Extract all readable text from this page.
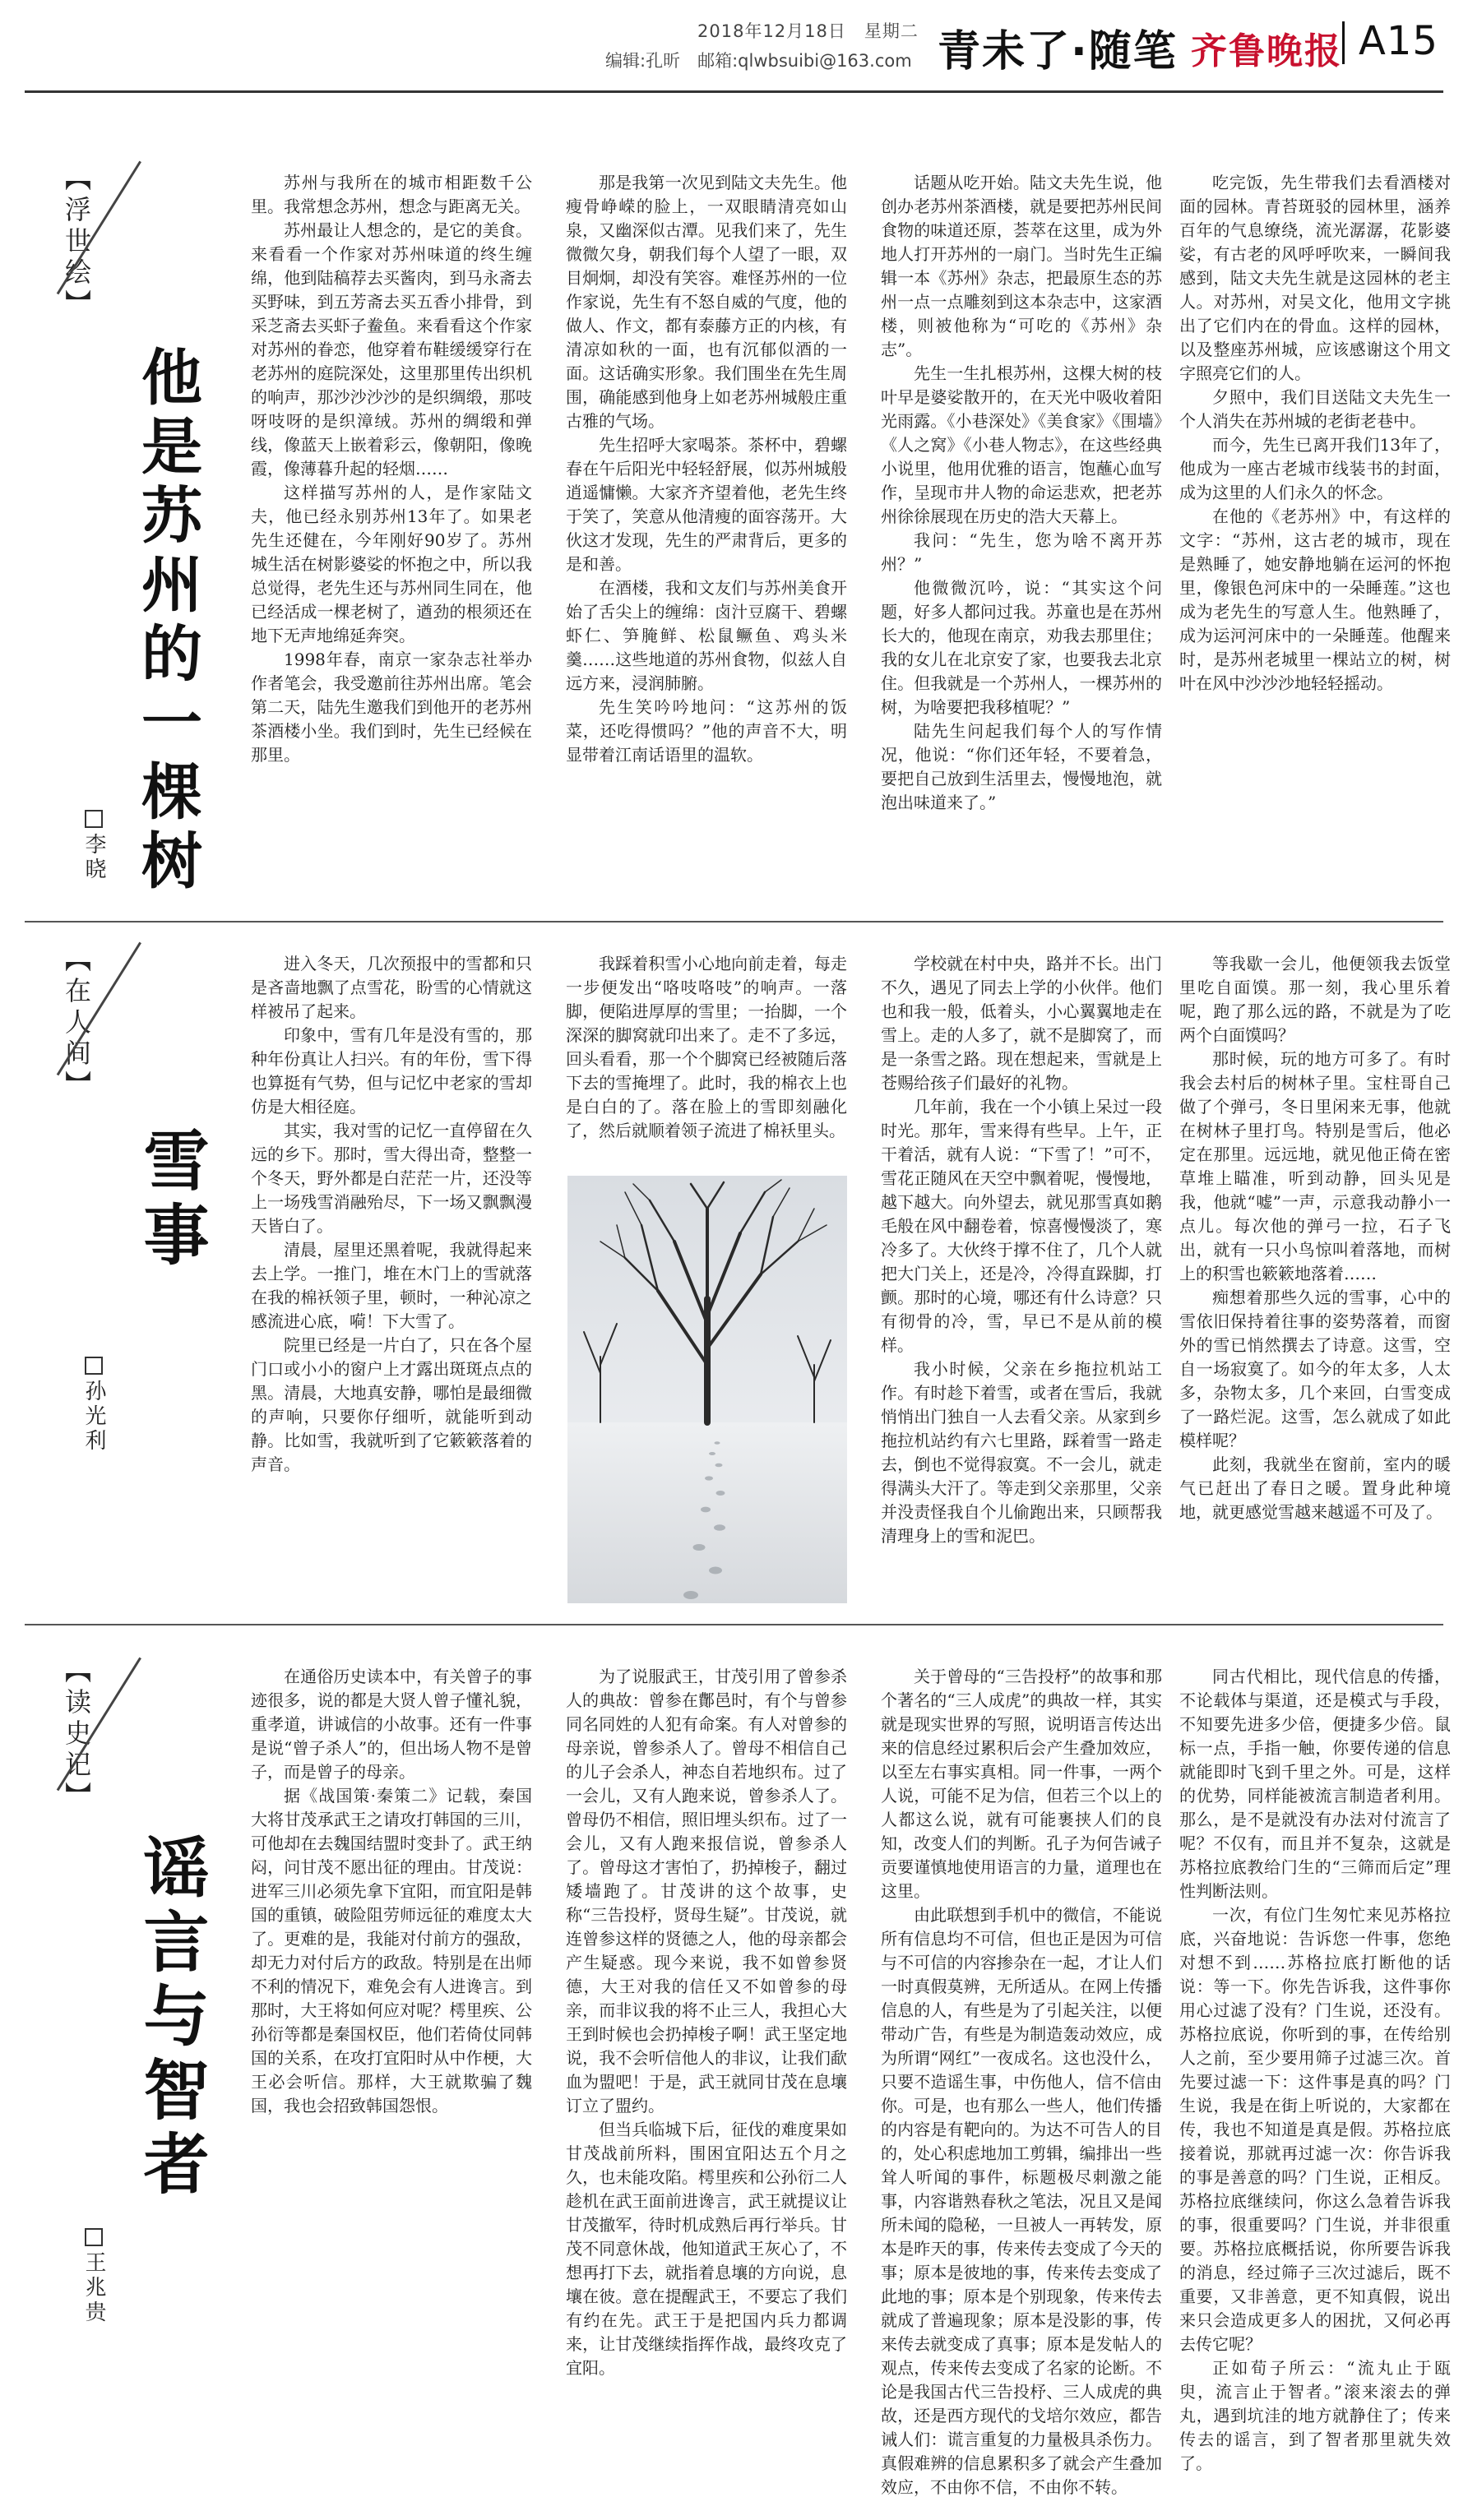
2018年12月18日　星期二
编辑:孔昕　邮箱:qlwbsuibi@163.com 青未了·随笔 齐鲁晚报 A15
【浮世绘】
他是苏州的一棵树
李晓

苏州与我所在的城市相距数千公里。我常想念苏州，想念与距离无关。

苏州最让人想念的，是它的美食。来看看一个作家对苏州味道的终生缠绵，他到陆稿荐去买酱肉，到马永斋去买野味，到五芳斋去买五香小排骨，到采芝斋去买虾子鲞鱼。来看看这个作家对苏州的眷恋，他穿着布鞋缓缓穿行在老苏州的庭院深处，这里那里传出织机的响声，那沙沙沙沙的是织绸缎，那吱呀吱呀的是织漳绒。苏州的绸缎和弹线，像蓝天上嵌着彩云，像朝阳，像晚霞，像薄暮升起的轻烟……

这样描写苏州的人，是作家陆文夫，他已经永别苏州13年了。如果老先生还健在，今年刚好90岁了。苏州城生活在树影婆娑的怀抱之中，所以我总觉得，老先生还与苏州同生同在，他已经活成一棵老树了，遒劲的根须还在地下无声地绵延奔突。

1998年春，南京一家杂志社举办作者笔会，我受邀前往苏州出席。笔会第二天，陆先生邀我们到他开的老苏州茶酒楼小坐。我们到时，先生已经候在那里。

那是我第一次见到陆文夫先生。他瘦骨峥嵘的脸上，一双眼睛清亮如山泉，又幽深似古潭。见我们来了，先生微微欠身，朝我们每个人望了一眼，双目炯炯，却没有笑容。难怪苏州的一位作家说，先生有不怒自威的气度，他的做人、作文，都有泰藤方正的内核，有清凉如秋的一面，也有沉郁似酒的一面。这话确实形象。我们围坐在先生周围，确能感到他身上如老苏州城般庄重古雅的气场。

先生招呼大家喝茶。茶杯中，碧螺春在午后阳光中轻轻舒展，似苏州城般逍遥慵懒。大家齐齐望着他，老先生终于笑了，笑意从他清瘦的面容荡开。大伙这才发现，先生的严肃背后，更多的是和善。

在酒楼，我和文友们与苏州美食开始了舌尖上的缠绵：卤汁豆腐干、碧螺虾仁、笋腌鲜、松鼠鳜鱼、鸡头米羹……这些地道的苏州食物，似兹人自远方来，浸润肺腑。

先生笑吟吟地问：“这苏州的饭菜，还吃得惯吗？”他的声音不大，明显带着江南话语里的温软。

话题从吃开始。陆文夫先生说，他创办老苏州茶酒楼，就是要把苏州民间食物的味道还原，荟萃在这里，成为外地人打开苏州的一扇门。当时先生正编辑一本《苏州》杂志，把最原生态的苏州一点一点雕刻到这本杂志中，这家酒楼，则被他称为“可吃的《苏州》杂志”。

先生一生扎根苏州，这棵大树的枝叶早是婆娑散开的，在天光中吸收着阳光雨露。《小巷深处》《美食家》《围墙》《人之窝》《小巷人物志》，在这些经典小说里，他用优雅的语言，饱蘸心血写作，呈现市井人物的命运悲欢，把老苏州徐徐展现在历史的浩大天幕上。

我问：“先生，您为啥不离开苏州？”

他微微沉吟，说：“其实这个问题，好多人都问过我。苏童也是在苏州长大的，他现在南京，劝我去那里住；我的女儿在北京安了家，也要我去北京住。但我就是一个苏州人，一棵苏州的树，为啥要把我移植呢？”

陆先生问起我们每个人的写作情况，他说：“你们还年轻，不要着急，要把自己放到生活里去，慢慢地泡，就泡出味道来了。”

吃完饭，先生带我们去看酒楼对面的园林。青苔斑驳的园林里，涵养百年的气息缭绕，流光潺潺，花影婆娑，有古老的风呼呼吹来，一瞬间我感到，陆文夫先生就是这园林的老主人。对苏州，对吴文化，他用文字挑出了它们内在的骨血。这样的园林，以及整座苏州城，应该感谢这个用文字照亮它们的人。

夕照中，我们目送陆文夫先生一个人消失在苏州城的老街老巷中。

而今，先生已离开我们13年了，他成为一座古老城市线装书的封面，成为这里的人们永久的怀念。

在他的《老苏州》中，有这样的文字：“苏州，这古老的城市，现在是熟睡了，她安静地躺在运河的怀抱里，像银色河床中的一朵睡莲。”这也成为老先生的写意人生。他熟睡了，成为运河河床中的一朵睡莲。他醒来时，是苏州老城里一棵站立的树，树叶在风中沙沙沙地轻轻摇动。

【在人间】
雪事
孙光利

进入冬天，几次预报中的雪都和只是吝啬地飘了点雪花，盼雪的心情就这样被吊了起来。

印象中，雪有几年是没有雪的，那种年份真让人扫兴。有的年份，雪下得也算挺有气势，但与记忆中老家的雪却仿是大相径庭。

其实，我对雪的记忆一直停留在久远的乡下。那时，雪大得出奇，整整一个冬天，野外都是白茫茫一片，还没等上一场残雪消融殆尽，下一场又飘飘漫天皆白了。

清晨，屋里还黑着呢，我就得起来去上学。一推门，堆在木门上的雪就落在我的棉袄领子里，顿时，一种沁凉之感流进心底，嗬！下大雪了。

院里已经是一片白了，只在各个屋门口或小小的窗户上才露出斑斑点点的黑。清晨，大地真安静，哪怕是最细微的声响，只要你仔细听，就能听到动静。比如雪，我就听到了它簌簌落着的声音。

我踩着积雪小心地向前走着，每走一步便发出“咯吱咯吱”的响声。一落脚，便陷进厚厚的雪里；一抬脚，一个深深的脚窝就印出来了。走不了多远，回头看看，那一个个脚窝已经被随后落下去的雪掩埋了。此时，我的棉衣上也是白白的了。落在脸上的雪即刻融化了，然后就顺着领子流进了棉袄里头。

学校就在村中央，路并不长。出门不久，遇见了同去上学的小伙伴。他们也和我一般，低着头，小心翼翼地走在雪上。走的人多了，就不是脚窝了，而是一条雪之路。现在想起来，雪就是上苍赐给孩子们最好的礼物。

几年前，我在一个小镇上呆过一段时光。那年，雪来得有些早。上午，正干着活，就有人说：“下雪了！”可不，雪花正随风在天空中飘着呢，慢慢地，越下越大。向外望去，就见那雪真如鹅毛般在风中翻卷着，惊喜慢慢淡了，寒冷多了。大伙终于撑不住了，几个人就把大门关上，还是冷，冷得直跺脚，打颤。那时的心境，哪还有什么诗意？只有彻骨的冷，雪，早已不是从前的模样。

我小时候，父亲在乡拖拉机站工作。有时趁下着雪，或者在雪后，我就悄悄出门独自一人去看父亲。从家到乡拖拉机站约有六七里路，踩着雪一路走去，倒也不觉得寂寞。不一会儿，就走得满头大汗了。等走到父亲那里，父亲并没责怪我自个儿偷跑出来，只顾帮我清理身上的雪和泥巴。

等我歇一会儿，他便领我去饭堂里吃自面馍。那一刻，我心里乐着呢，跑了那么远的路，不就是为了吃两个白面馍吗？

那时候，玩的地方可多了。有时我会去村后的树林子里。宝柱哥自己做了个弹弓，冬日里闲来无事，他就在树林子里打鸟。特别是雪后，他必定在那里。远远地，就见他正倚在密草堆上瞄准，听到动静，回头见是我，他就“嘘”一声，示意我动静小一点儿。每次他的弹弓一拉，石子飞出，就有一只小鸟惊叫着落地，而树上的积雪也簌簌地落着……

痴想着那些久远的雪事，心中的雪依旧保持着往事的姿势落着，而窗外的雪已悄然撰去了诗意。这雪，空自一场寂寞了。如今的年太多，人太多，杂物太多，几个来回，白雪变成了一路烂泥。这雪，怎么就成了如此模样呢？

此刻，我就坐在窗前，室内的暖气已赶出了春日之暖。置身此种境地，就更感觉雪越来越遥不可及了。

【读史记】
谣言与智者
王兆贵

在通俗历史读本中，有关曾子的事迹很多，说的都是大贤人曾子懂礼貌，重孝道，讲诚信的小故事。还有一件事是说“曾子杀人”的，但出场人物不是曾子，而是曾子的母亲。

据《战国策·秦策二》记载，秦国大将甘茂承武王之请攻打韩国的三川，可他却在去魏国结盟时变卦了。武王纳闷，问甘茂不愿出征的理由。甘茂说：进军三川必须先拿下宜阳，而宜阳是韩国的重镇，破险阻劳师远征的难度太大了。更难的是，我能对付前方的强敌，却无力对付后方的政敌。特别是在出师不利的情况下，难免会有人进谗言。到那时，大王将如何应对呢？樗里疾、公孙衍等都是秦国权臣，他们若倚仗同韩国的关系，在攻打宜阳时从中作梗，大王必会听信。那样，大王就欺骗了魏国，我也会招致韩国怨恨。

为了说服武王，甘茂引用了曾参杀人的典故：曾参在鄪邑时，有个与曾参同名同姓的人犯有命案。有人对曾参的母亲说，曾参杀人了。曾母不相信自己的儿子会杀人，神态自若地织布。过了一会儿，又有人跑来说，曾参杀人了。曾母仍不相信，照旧埋头织布。过了一会儿，又有人跑来报信说，曾参杀人了。曾母这才害怕了，扔掉梭子，翻过矮墙跑了。甘茂讲的这个故事，史称“三告投杼，贤母生疑”。甘茂说，就连曾参这样的贤德之人，他的母亲都会产生疑惑。现今来说，我不如曾参贤德，大王对我的信任又不如曾参的母亲，而非议我的将不止三人，我担心大王到时候也会扔掉梭子啊！武王坚定地说，我不会听信他人的非议，让我们歃血为盟吧！于是，武王就同甘茂在息壤订立了盟约。

但当兵临城下后，征伐的难度果如甘茂战前所料，围困宜阳达五个月之久，也未能攻陷。樗里疾和公孙衍二人趁机在武王面前进谗言，武王就提议让甘茂撤军，待时机成熟后再行举兵。甘茂不同意休战，他知道武王灰心了，不想再打下去，就指着息壤的方向说，息壤在彼。意在提醒武王，不要忘了我们有约在先。武王于是把国内兵力都调来，让甘茂继续指挥作战，最终攻克了宜阳。

关于曾母的“三告投杼”的故事和那个著名的“三人成虎”的典故一样，其实就是现实世界的写照，说明语言传达出来的信息经过累积后会产生叠加效应，以至左右事实真相。同一件事，一两个人说，可能不足为信，但若三个以上的人都这么说，就有可能裹挟人们的良知，改变人们的判断。孔子为何告诫子贡要谨慎地使用语言的力量，道理也在这里。

由此联想到手机中的微信，不能说所有信息均不可信，但也正是因为可信与不可信的内容掺杂在一起，才让人们一时真假莫辨，无所适从。在网上传播信息的人，有些是为了引起关注，以便带动广告，有些是为制造轰动效应，成为所谓“网红”一夜成名。这也没什么，只要不造谣生事，中伤他人，信不信由你。可是，也有那么一些人，他们传播的内容是有靶向的。为达不可告人的目的，处心积虑地加工剪辑，编排出一些耸人听闻的事件，标题极尽刺激之能事，内容谐熟春秋之笔法，况且又是闻所未闻的隐秘，一旦被人一再转发，原本是昨天的事，传来传去变成了今天的事；原本是彼地的事，传来传去变成了此地的事；原本是个别现象，传来传去就成了普遍现象；原本是没影的事，传来传去就变成了真事；原本是发帖人的观点，传来传去变成了名家的论断。不论是我国古代三告投杼、三人成虎的典故，还是西方现代的戈培尔效应，都告诫人们：谎言重复的力量极具杀伤力。真假难辨的信息累积多了就会产生叠加效应，不由你不信，不由你不转。

同古代相比，现代信息的传播，不论载体与渠道，还是模式与手段，不知要先进多少倍，便捷多少倍。鼠标一点，手指一触，你要传递的信息就能即时飞到千里之外。可是，这样的优势，同样能被流言制造者利用。那么，是不是就没有办法对付流言了呢？不仅有，而且并不复杂，这就是苏格拉底教给门生的“三筛而后定”理性判断法则。

一次，有位门生匆忙来见苏格拉底，兴奋地说：告诉您一件事，您绝对想不到……苏格拉底打断他的话说：等一下。你先告诉我，这件事你用心过滤了没有？门生说，还没有。苏格拉底说，你听到的事，在传给别人之前，至少要用筛子过滤三次。首先要过滤一下：这件事是真的吗？门生说，我是在街上听说的，大家都在传，我也不知道是真是假。苏格拉底接着说，那就再过滤一次：你告诉我的事是善意的吗？门生说，正相反。苏格拉底继续问，你这么急着告诉我的事，很重要吗？门生说，并非很重要。苏格拉底概括说，你所要告诉我的消息，经过筛子三次过滤后，既不重要，又非善意，更不知真假，说出来只会造成更多人的困扰，又何必再去传它呢？

正如荀子所云：“流丸止于瓯臾，流言止于智者。”滚来滚去的弹丸，遇到坑洼的地方就静住了；传来传去的谣言，到了智者那里就失效了。
